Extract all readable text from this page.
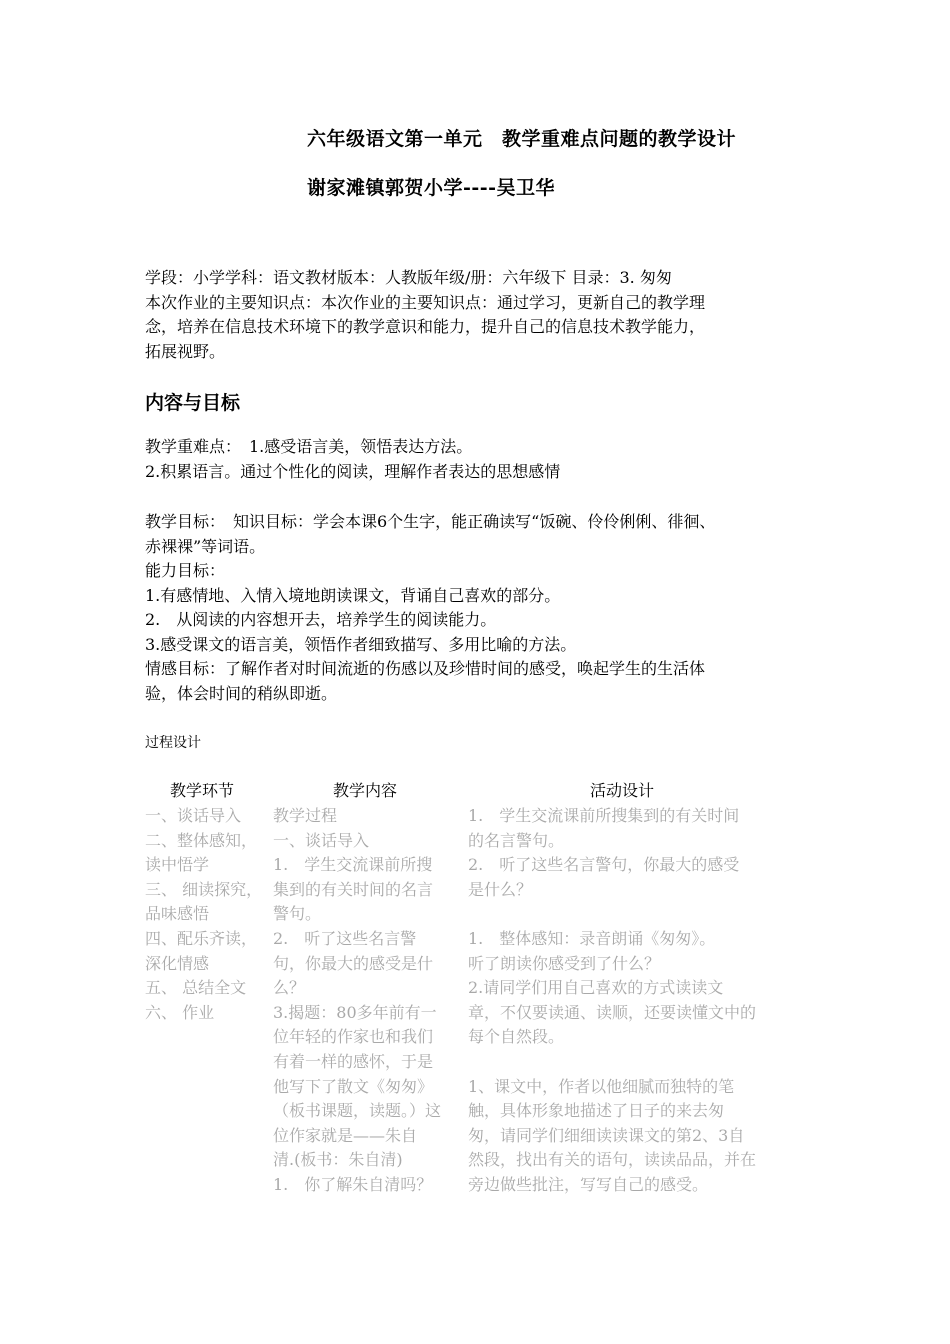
六年级语文第一单元　教学重难点问题的教学设计
谢家滩镇郭贺小学----吴卫华

学段：小学学科：语文教材版本：人教版年级/册：六年级下 目录：3. 匆匆

本次作业的主要知识点：本次作业的主要知识点：通过学习，更新自己的教学理

念，培养在信息技术环境下的教学意识和能力，提升自己的信息技术教学能力，

拓展视野。

内容与目标

教学重难点：　1.感受语言美，领悟表达方法。

2.积累语言。通过个性化的阅读，理解作者表达的思想感情

教学目标：　知识目标：学会本课6个生字，能正确读写“饭碗、伶伶俐俐、徘徊、

赤裸裸”等词语。

能力目标：

1.有感情地、入情入境地朗读课文，背诵自己喜欢的部分。

2.　从阅读的内容想开去，培养学生的阅读能力。

3.感受课文的语言美，领悟作者细致描写、多用比喻的方法。

情感目标：了解作者对时间流逝的伤感以及珍惜时间的感受，唤起学生的生活体

验，体会时间的稍纵即逝。

过程设计
教学环节	教学内容	活动设计

一、谈话导入

二、整体感知，

读中悟学

三、 细读探究，

品味感悟

四、配乐齐读，

深化情感

五、 总结全文

六、 作业

教学过程

一、谈话导入

1.　学生交流课前所搜

集到的有关时间的名言

警句。

2.　听了这些名言警

句，你最大的感受是什

么？

3.揭题：80多年前有一

位年轻的作家也和我们

有着一样的感怀，于是

他写下了散文《匆匆》

（板书课题，读题。）这

位作家就是——朱自

清.(板书：朱自清)

1.　你了解朱自清吗？

1.　学生交流课前所搜集到的有关时间

的名言警句。

2.　听了这些名言警句，你最大的感受

是什么？

1.　整体感知：录音朗诵《匆匆》。

听了朗读你感受到了什么？

2.请同学们用自己喜欢的方式读读文

章，不仅要读通、读顺，还要读懂文中的

每个自然段。

1、课文中，作者以他细腻而独特的笔

触，具体形象地描述了日子的来去匆

匆，请同学们细细读读课文的第2、3自

然段，找出有关的语句，读读品品，并在

旁边做些批注，写写自己的感受。
